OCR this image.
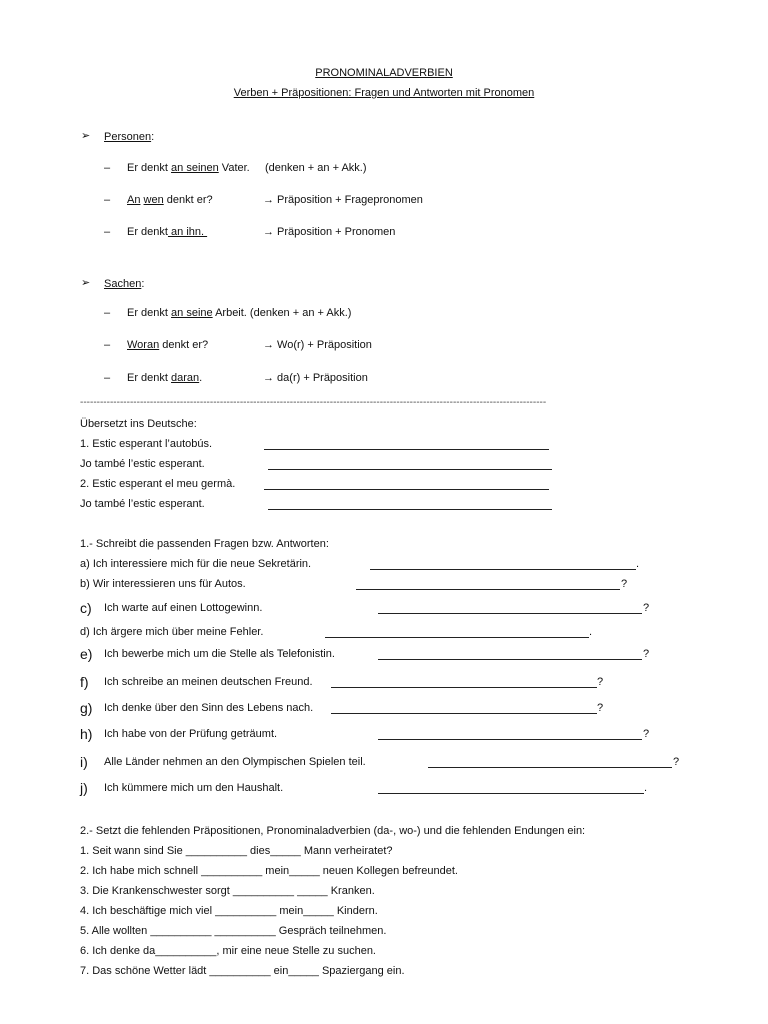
PRONOMINALADVERBIEN
Verben + Präpositionen: Fragen und Antworten mit Pronomen
➢ Personen:
– Er denkt an seinen Vater. (denken + an + Akk.)
– An wen denkt er?	→ Präposition + Fragepronomen
– Er denkt an ihn.	→ Präposition + Pronomen
➢ Sachen:
– Er denkt an seine Arbeit. (denken + an + Akk.)
– Woran denkt er?	→ Wo(r) + Präposition
– Er denkt daran.	→ da(r) + Präposition
--------------------------------------------------------------------------------------------------------------------------------------------
Übersetzt ins Deutsche:
1. Estic esperant l’autobús.
Jo també l’estic esperant.
2. Estic esperant el meu germà.
Jo també l’estic esperant.
1.- Schreibt die passenden Fragen bzw. Antworten:
a) Ich interessiere mich für die neue Sekretärin.	.
b) Wir interessieren uns für Autos.	?
c) Ich warte auf einen Lottogewinn.	?
d) Ich ärgere mich über meine Fehler.	.
e) Ich bewerbe mich um die Stelle als Telefonistin.	?
f) Ich schreibe an meinen deutschen Freund.	?
g) Ich denke über den Sinn des Lebens nach.	?
h) Ich habe von der Prüfung geträumt.	?
i) Alle Länder nehmen an den Olympischen Spielen teil.	?
j) Ich kümmere mich um den Haushalt.	.
2.- Setzt die fehlenden Präpositionen, Pronominaladverbien (da-, wo-) und die fehlenden Endungen ein:
1. Seit wann sind Sie __________ dies_____ Mann verheiratet?
2. Ich habe mich schnell __________ mein_____ neuen Kollegen befreundet.
3. Die Krankenschwester sorgt __________ _____ Kranken.
4. Ich beschäftige mich viel __________ mein_____ Kindern.
5. Alle wollten __________ __________ Gespräch teilnehmen.
6. Ich denke da__________, mir eine neue Stelle zu suchen.
7. Das schöne Wetter lädt __________ ein_____ Spaziergang ein.
